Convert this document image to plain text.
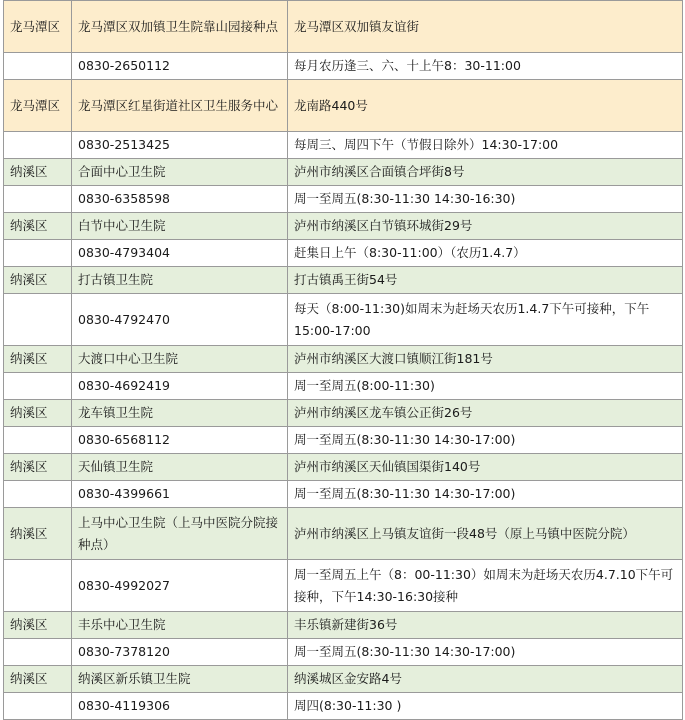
龙马潭区	龙马潭区双加镇卫生院靠山园接种点	龙马潭区双加镇友谊街
	0830-2650112	每月农历逢三、六、十上午8：30-11:00
龙马潭区	龙马潭区红星街道社区卫生服务中心	龙南路440号
	0830-2513425	每周三、周四下午（节假日除外）14:30-17:00
纳溪区	合面中心卫生院	泸州市纳溪区合面镇合坪街8号
	0830-6358598	周一至周五(8:30-11:30 14:30-16:30)
纳溪区	白节中心卫生院	泸州市纳溪区白节镇环城街29号
	0830-4793404	赶集日上午（8:30-11:00）（农历1.4.7）
纳溪区	打古镇卫生院	打古镇禹王街54号
	0830-4792470	每天（8:00-11:30)如周末为赶场天农历1.4.7下午可接种，下午15:00-17:00
纳溪区	大渡口中心卫生院	泸州市纳溪区大渡口镇顺江街181号
	0830-4692419	周一至周五(8:00-11:30)
纳溪区	龙车镇卫生院	泸州市纳溪区龙车镇公正街26号
	0830-6568112	周一至周五(8:30-11:30 14:30-17:00)
纳溪区	天仙镇卫生院	泸州市纳溪区天仙镇国渠街140号
	0830-4399661	周一至周五(8:30-11:30 14:30-17:00)
纳溪区	上马中心卫生院（上马中医院分院接种点）	泸州市纳溪区上马镇友谊街一段48号（原上马镇中医院分院）
	0830-4992027	周一至周五上午（8：00-11:30）如周末为赶场天农历4.7.10下午可接种，下午14:30-16:30接种
纳溪区	丰乐中心卫生院	丰乐镇新建街36号
	0830-7378120	周一至周五(8:30-11:30 14:30-17:00)
纳溪区	纳溪区新乐镇卫生院	纳溪城区金安路4号
	0830-4119306	周四(8:30-11:30 )
